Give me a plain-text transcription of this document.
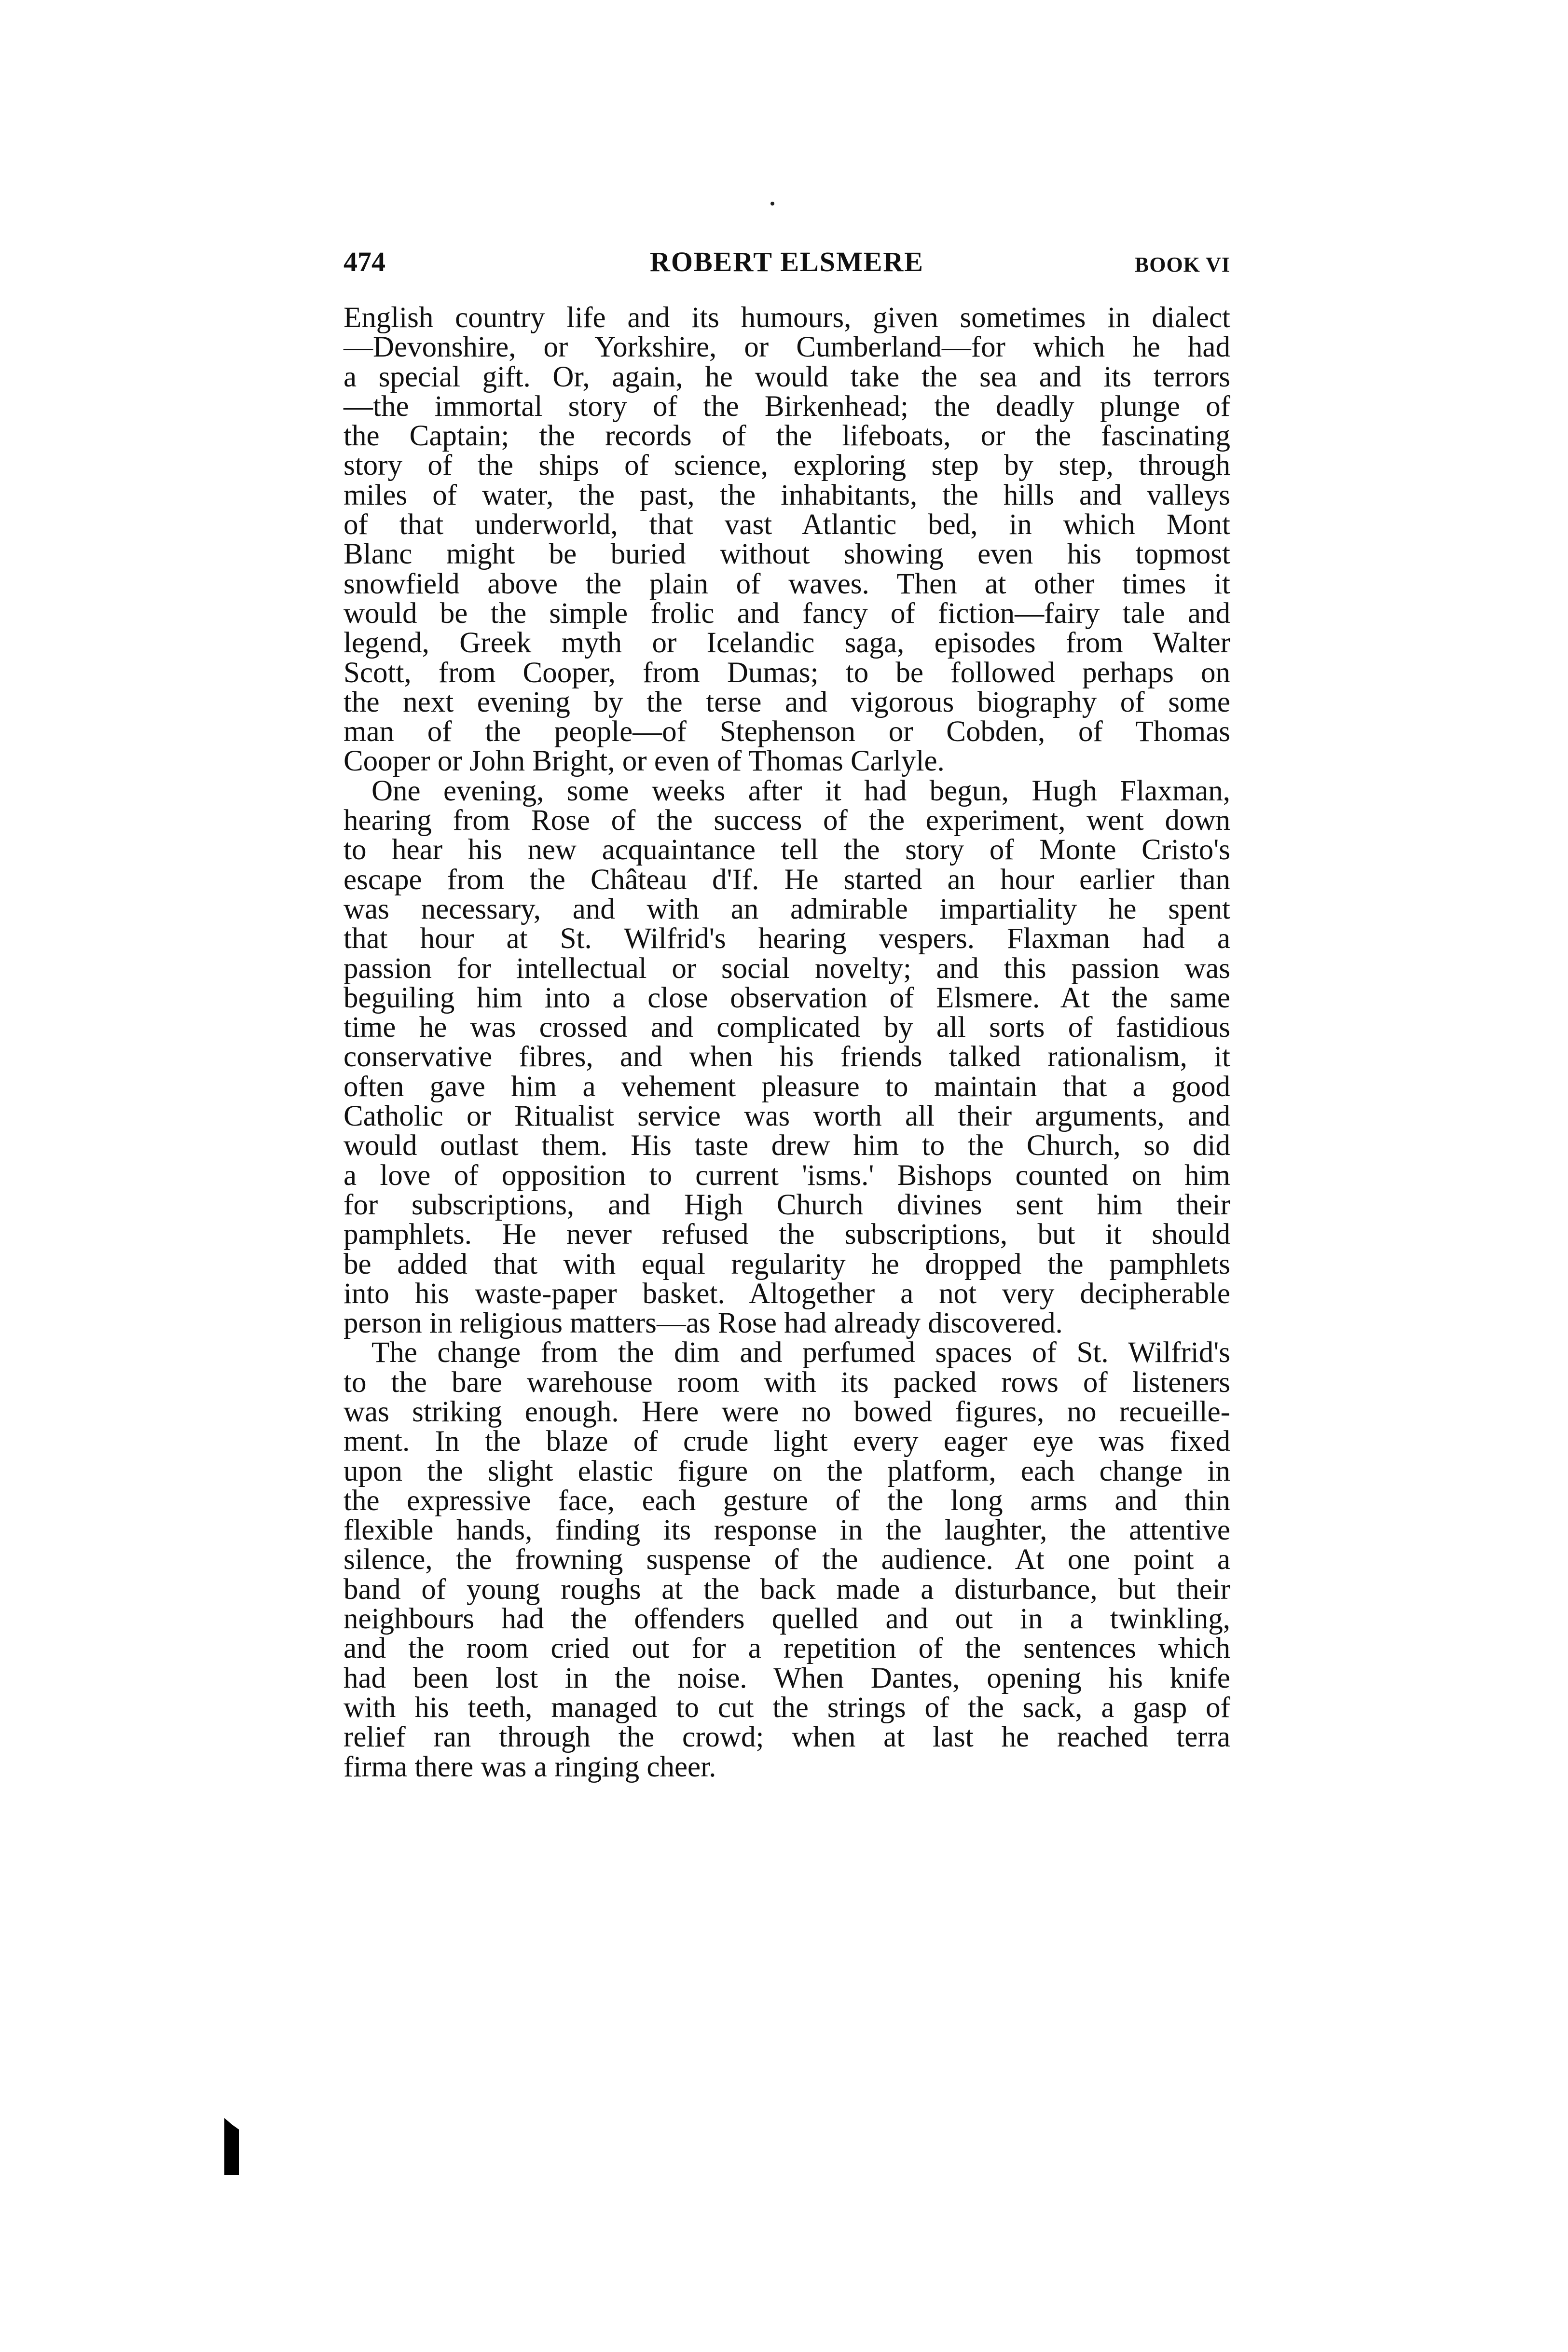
474	ROBERT ELSMERE	BOOK VI
English country life and its humours, given sometimes in dialect
—Devonshire, or Yorkshire, or Cumberland—for which he had
a special gift. Or, again, he would take the sea and its terrors
—the immortal story of the Birkenhead; the deadly plunge of
the Captain; the records of the lifeboats, or the fascinating
story of the ships of science, exploring step by step, through
miles of water, the past, the inhabitants, the hills and valleys
of that underworld, that vast Atlantic bed, in which Mont
Blanc might be buried without showing even his topmost
snowfield above the plain of waves. Then at other times it
would be the simple frolic and fancy of fiction—fairy tale and
legend, Greek myth or Icelandic saga, episodes from Walter
Scott, from Cooper, from Dumas; to be followed perhaps on
the next evening by the terse and vigorous biography of some
man of the people—of Stephenson or Cobden, of Thomas
Cooper or John Bright, or even of Thomas Carlyle.
One evening, some weeks after it had begun, Hugh Flaxman,
hearing from Rose of the success of the experiment, went down
to hear his new acquaintance tell the story of Monte Cristo's
escape from the Château d'If. He started an hour earlier than
was necessary, and with an admirable impartiality he spent
that hour at St. Wilfrid's hearing vespers. Flaxman had a
passion for intellectual or social novelty; and this passion was
beguiling him into a close observation of Elsmere. At the same
time he was crossed and complicated by all sorts of fastidious
conservative fibres, and when his friends talked rationalism, it
often gave him a vehement pleasure to maintain that a good
Catholic or Ritualist service was worth all their arguments, and
would outlast them. His taste drew him to the Church, so did
a love of opposition to current 'isms.' Bishops counted on him
for subscriptions, and High Church divines sent him their
pamphlets. He never refused the subscriptions, but it should
be added that with equal regularity he dropped the pamphlets
into his waste-paper basket. Altogether a not very decipherable
person in religious matters—as Rose had already discovered.
The change from the dim and perfumed spaces of St. Wilfrid's
to the bare warehouse room with its packed rows of listeners
was striking enough. Here were no bowed figures, no recueille-
ment. In the blaze of crude light every eager eye was fixed
upon the slight elastic figure on the platform, each change in
the expressive face, each gesture of the long arms and thin
flexible hands, finding its response in the laughter, the attentive
silence, the frowning suspense of the audience. At one point a
band of young roughs at the back made a disturbance, but their
neighbours had the offenders quelled and out in a twinkling,
and the room cried out for a repetition of the sentences which
had been lost in the noise. When Dantes, opening his knife
with his teeth, managed to cut the strings of the sack, a gasp of
relief ran through the crowd; when at last he reached terra
firma there was a ringing cheer.
